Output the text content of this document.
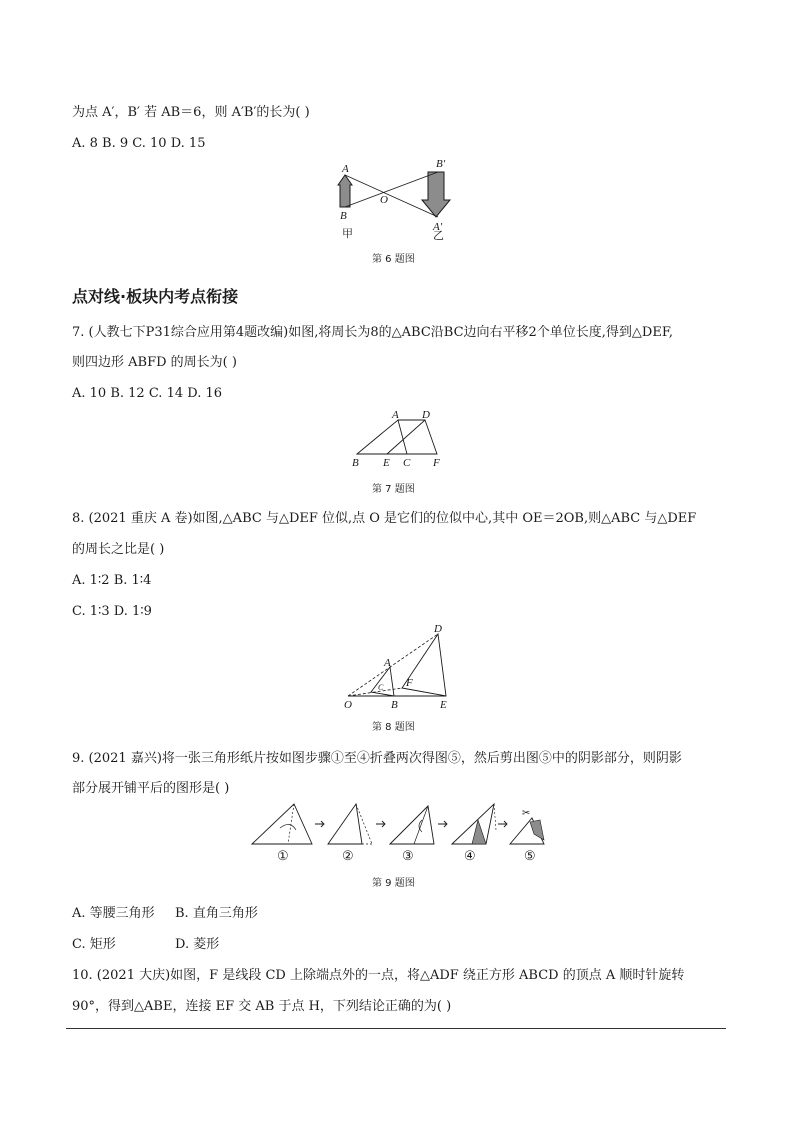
为点 A′，B′ 若 AB＝6，则 A′B′的长为( )
A. 8 B. 9 C. 10 D. 15
A
B
O
B′
A′
甲	乙
第 6 题图
点对线·板块内考点衔接
7. (人教七下P31综合应用第4题改编)如图,将周长为8的△ABC沿BC边向右平移2个单位长度,得到△DEF,
则四边形 ABFD 的周长为( )
A. 10 B. 12 C. 14 D. 16
A D
B E C F
第 7 题图
8. (2021 重庆 A 卷)如图,△ABC 与△DEF 位似,点 O 是它们的位似中心,其中 OE＝2OB,则△ABC 与△DEF
的周长之比是( )
A. 1∶2 B. 1∶4
C. 1∶3 D. 1∶9
D
A
F
C
O	B	E
第 8 题图
9. (2021 嘉兴)将一张三角形纸片按如图步骤①至④折叠两次得图⑤，然后剪出图⑤中的阴影部分，则阴影
部分展开铺平后的图形是( )
✂
①	②	③	④	⑤
第 9 题图
A. 等腰三角形 B. 直角三角形
C. 矩形	D. 菱形
10. (2021 大庆)如图，F 是线段 CD 上除端点外的一点，将△ADF 绕正方形 ABCD 的顶点 A 顺时针旋转
90°，得到△ABE，连接 EF 交 AB 于点 H，下列结论正确的为( )
